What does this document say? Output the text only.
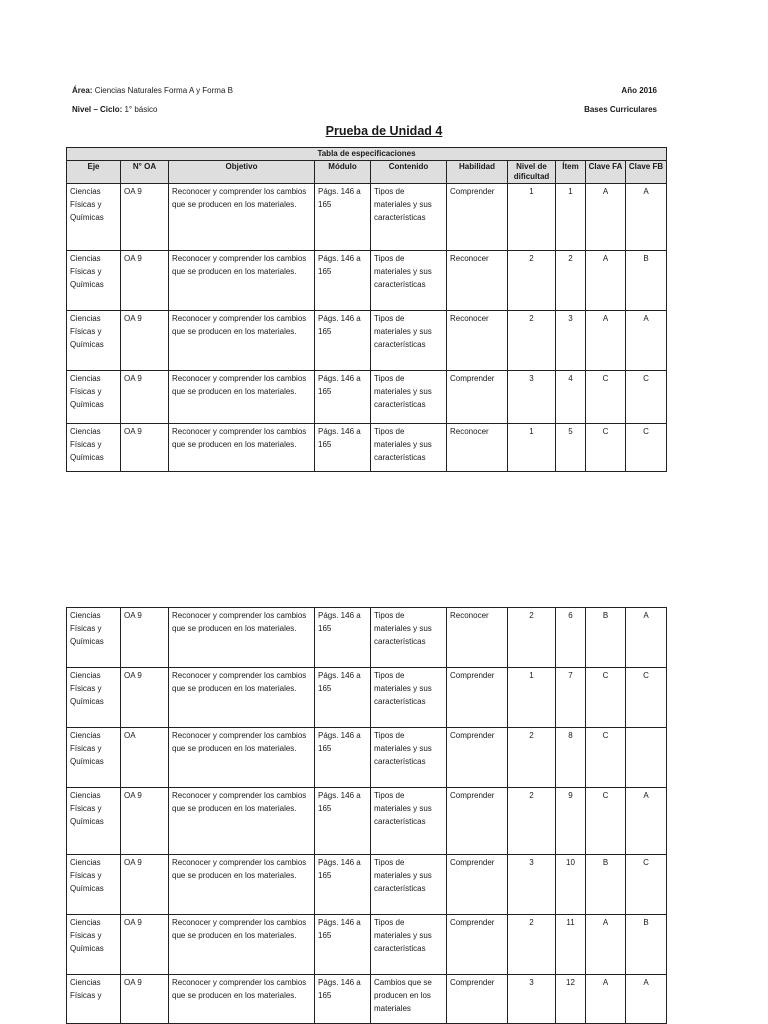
Área: Ciencias Naturales Forma A y Forma B	Año 2016
Nivel – Ciclo: 1° básico	Bases Curriculares
Prueba de Unidad 4
Tabla de especificaciones									
Eje	N° OA	Objetivo	Módulo	Contenido	Habilidad	Nivel de dificultad	Ítem	Clave FA	Clave FB
Ciencias Físicas y Químicas	OA 9	Reconocer y comprender los cambios que se producen en los materiales.	Págs. 146 a 165	Tipos de materiales y sus características	Comprender	1	1	A	A
Ciencias Físicas y Químicas	OA 9	Reconocer y comprender los cambios que se producen en los materiales.	Págs. 146 a 165	Tipos de materiales y sus características	Reconocer	2	2	A	B
Ciencias Físicas y Químicas	OA 9	Reconocer y comprender los cambios que se producen en los materiales.	Págs. 146 a 165	Tipos de materiales y sus características	Reconocer	2	3	A	A
Ciencias Físicas y Químicas	OA 9	Reconocer y comprender los cambios que se producen en los materiales.	Págs. 146 a 165	Tipos de materiales y sus características	Comprender	3	4	C	C
Ciencias Físicas y Químicas	OA 9	Reconocer y comprender los cambios que se producen en los materiales.	Págs. 146 a 165	Tipos de materiales y sus características	Reconocer	1	5	C	C
Ciencias Físicas y Químicas	OA 9	Reconocer y comprender los cambios que se producen en los materiales.	Págs. 146 a 165	Tipos de materiales y sus características	Reconocer	2	6	B	A
Ciencias Físicas y Químicas	OA 9	Reconocer y comprender los cambios que se producen en los materiales.	Págs. 146 a 165	Tipos de materiales y sus características	Comprender	1	7	C	C
Ciencias Físicas y Químicas	OA	Reconocer y comprender los cambios que se producen en los materiales.	Págs. 146 a 165	Tipos de materiales y sus características	Comprender	2	8	C	
Ciencias Físicas y Químicas	OA 9	Reconocer y comprender los cambios que se producen en los materiales.	Págs. 146 a 165	Tipos de materiales y sus características	Comprender	2	9	C	A
Ciencias Físicas y Químicas	OA 9	Reconocer y comprender los cambios que se producen en los materiales.	Págs. 146 a 165	Tipos de materiales y sus características	Comprender	3	10	B	C
Ciencias Físicas y Químicas	OA 9	Reconocer y comprender los cambios que se producen en los materiales.	Págs. 146 a 165	Tipos de materiales y sus características	Comprender	2	11	A	B
Ciencias Físicas y	OA 9	Reconocer y comprender los cambios que se producen en los materiales.	Págs. 146 a 165	Cambios que se producen en los materiales	Comprender	3	12	A	A
